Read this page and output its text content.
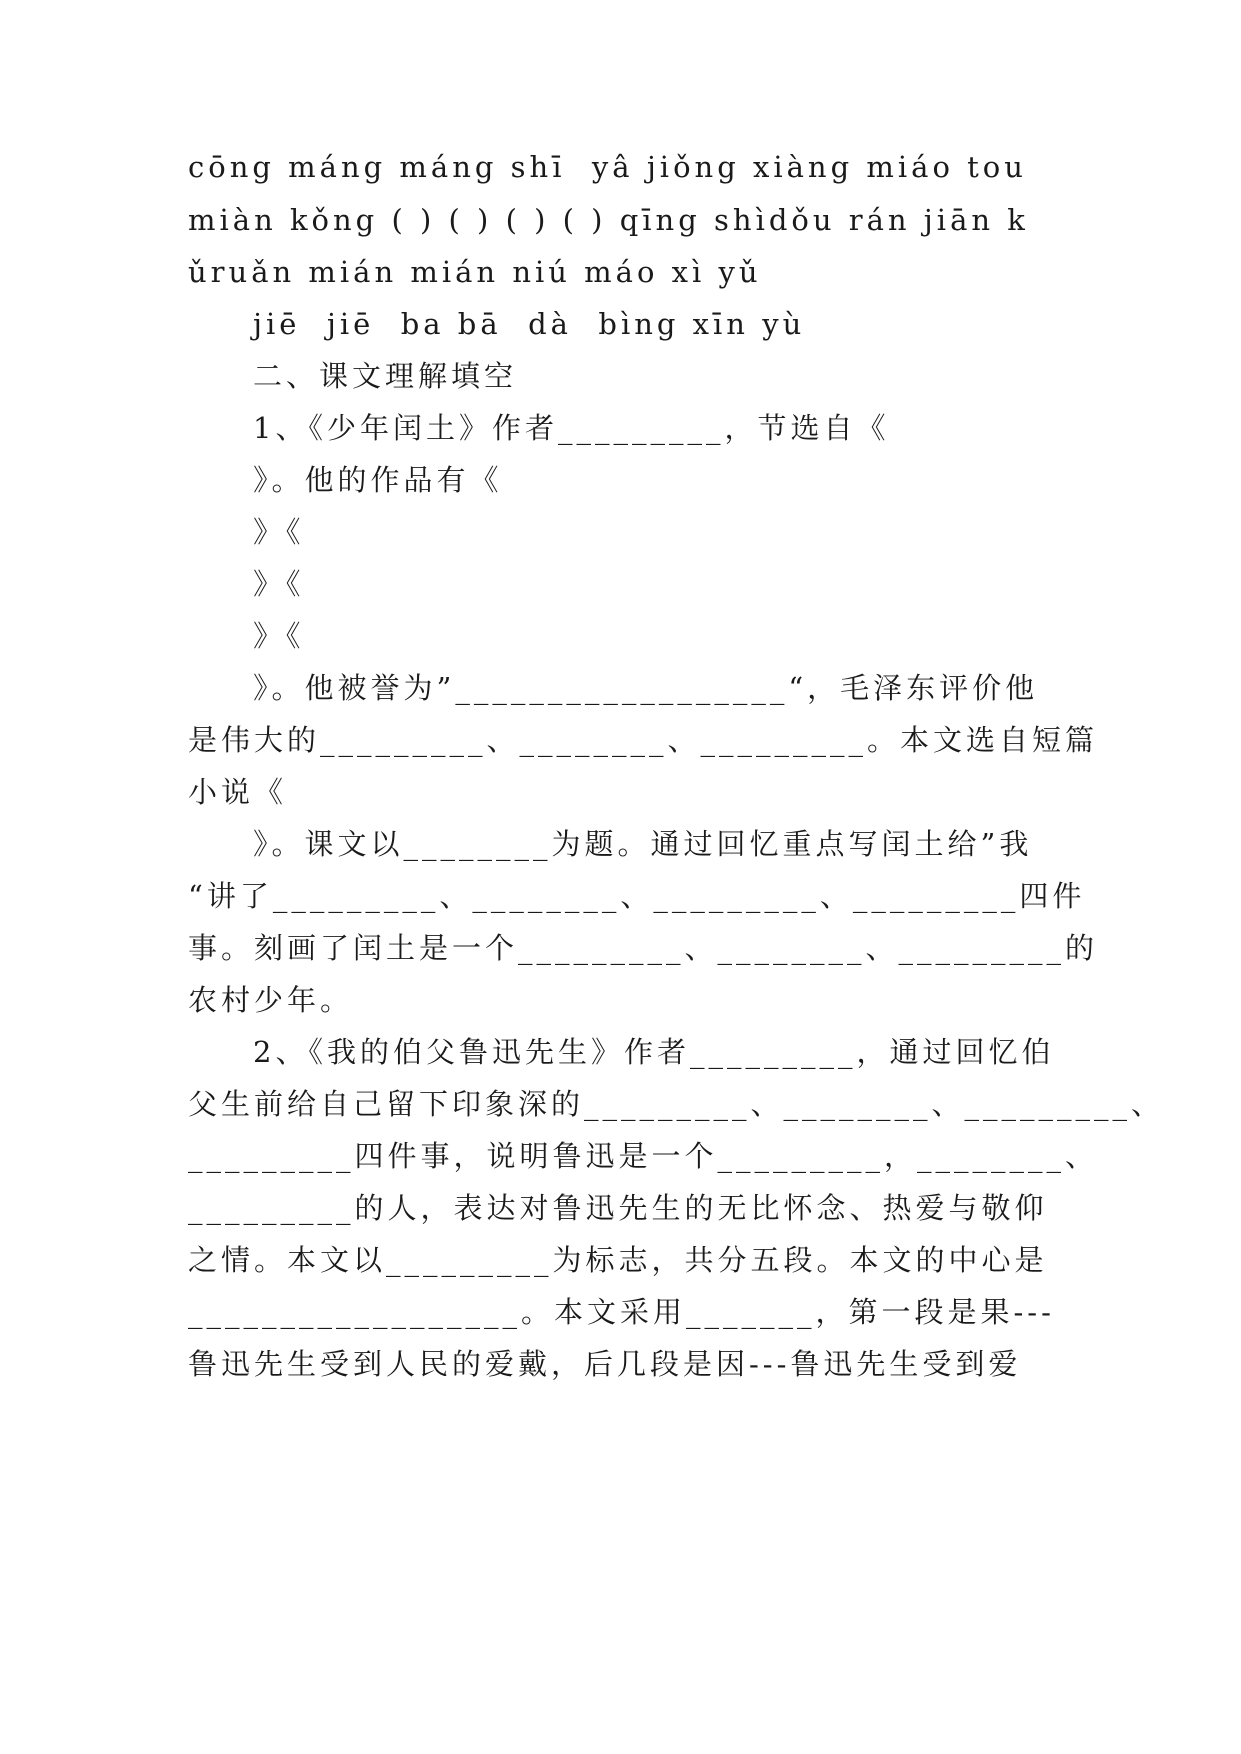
cōng máng máng shī  yâ jiǒng xiàng miáo tou
miàn kǒng ( ) ( ) ( ) ( ) qīng shìdǒu rán jiān k
ǔruǎn mián mián niú máo xì yǔ
jiē  jiē  ba bā  dà  bìng xīn yù
二、课文理解填空
1、《少年闰土》作者_________，节选自《
》。他的作品有《
》《
》《
》《
》。他被誉为”__________________“，毛泽东评价他
是伟大的_________、________、_________。本文选自短篇
小说《
》。课文以________为题。通过回忆重点写闰土给”我
“讲了_________、________、_________、_________四件
事。刻画了闰土是一个_________、________、_________的
农村少年。
2、《我的伯父鲁迅先生》作者_________，通过回忆伯
父生前给自己留下印象深的_________、________、_________、
_________四件事，说明鲁迅是一个_________，________、
_________的人，表达对鲁迅先生的无比怀念、热爱与敬仰
之情。本文以_________为标志，共分五段。本文的中心是
__________________。本文采用_______，第一段是果---
鲁迅先生受到人民的爱戴，后几段是因---鲁迅先生受到爱
